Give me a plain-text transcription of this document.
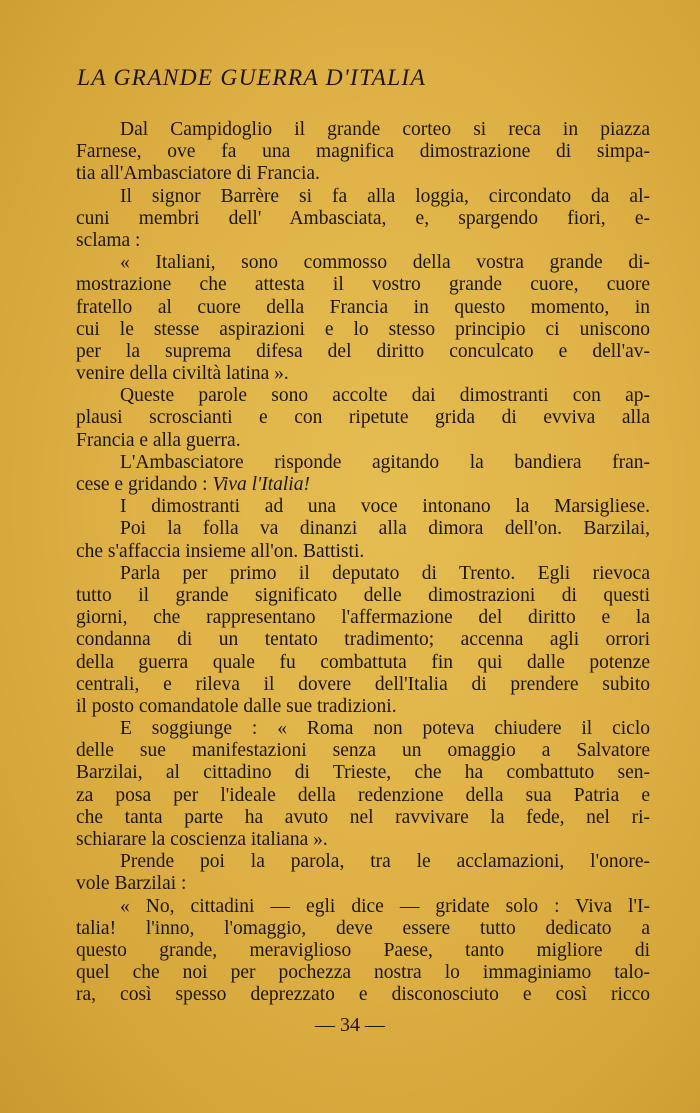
LA GRANDE GUERRA D'ITALIA
Dal Campidoglio il grande corteo si reca in piazza
Farnese, ove fa una magnifica dimostrazione di simpa-
tia all'Ambasciatore di Francia.
Il signor Barrère si fa alla loggia, circondato da al-
cuni membri dell' Ambasciata, e, spargendo fiori, e-
sclama :
« Italiani, sono commosso della vostra grande di-
mostrazione che attesta il vostro grande cuore, cuore
fratello al cuore della Francia in questo momento, in
cui le stesse aspirazioni e lo stesso principio ci uniscono
per la suprema difesa del diritto conculcato e dell'av-
venire della civiltà latina ».
Queste parole sono accolte dai dimostranti con ap-
plausi scroscianti e con ripetute grida di evviva alla
Francia e alla guerra.
L'Ambasciatore risponde agitando la bandiera fran-
cese e gridando : Viva l'Italia!
I dimostranti ad una voce intonano la Marsigliese.
Poi la folla va dinanzi alla dimora dell'on. Barzilai,
che s'affaccia insieme all'on. Battisti.
Parla per primo il deputato di Trento. Egli rievoca
tutto il grande significato delle dimostrazioni di questi
giorni, che rappresentano l'affermazione del diritto e la
condanna di un tentato tradimento; accenna agli orrori
della guerra quale fu combattuta fin qui dalle potenze
centrali, e rileva il dovere dell'Italia di prendere subito
il posto comandatole dalle sue tradizioni.
E soggiunge : « Roma non poteva chiudere il ciclo
delle sue manifestazioni senza un omaggio a Salvatore
Barzilai, al cittadino di Trieste, che ha combattuto sen-
za posa per l'ideale della redenzione della sua Patria e
che tanta parte ha avuto nel ravvivare la fede, nel ri-
schiarare la coscienza italiana ».
Prende poi la parola, tra le acclamazioni, l'onore-
vole Barzilai :
« No, cittadini — egli dice — gridate solo : Viva l'I-
talia! l'inno, l'omaggio, deve essere tutto dedicato a
questo grande, meraviglioso Paese, tanto migliore di
quel che noi per pochezza nostra lo immaginiamo talo-
ra, così spesso deprezzato e disconosciuto e così ricco
— 34 —
